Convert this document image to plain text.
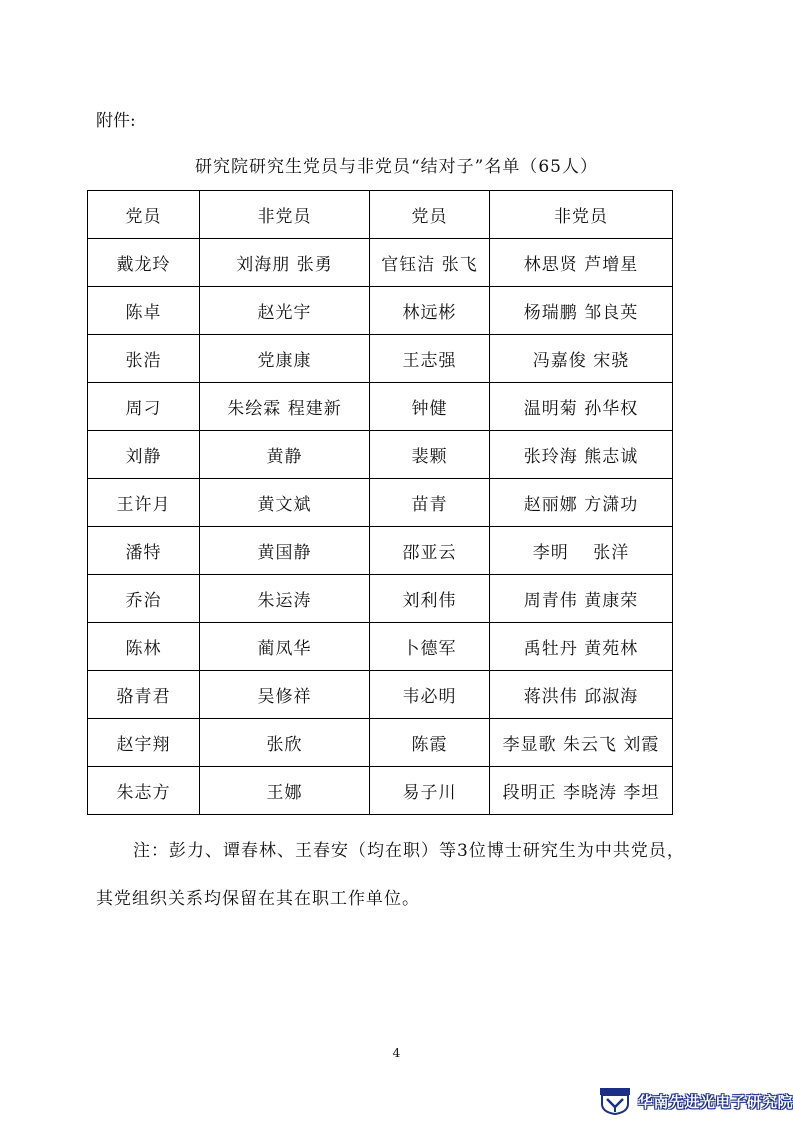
附件:
研究院研究生党员与非党员“结对子”名单（65人）
党员	非党员	党员	非党员
戴龙玲	刘海朋 张勇	官钰洁 张飞	林思贤 芦增星
陈卓	赵光宇	林远彬	杨瑞鹏 邹良英
张浩	党康康	王志强	冯嘉俊 宋骁
周刁	朱绘霖 程建新	钟健	温明菊 孙华权
刘静	黄静	裴颗	张玲海 熊志诚
王许月	黄文斌	苗青	赵丽娜 方潇功
潘特	黄国静	邵亚云	李明　 张洋
乔治	朱运涛	刘利伟	周青伟 黄康荣
陈林	蔺凤华	卜德军	禹牡丹 黄苑林
骆青君	吴修祥	韦必明	蒋洪伟 邱淑海
赵宇翔	张欣	陈霞	李显歌 朱云飞 刘霞
朱志方	王娜	易子川	段明正 李晓涛 李坦
注：彭力、谭春林、王春安（均在职）等3位博士研究生为中共党员，
其党组织关系均保留在其在职工作单位。
4
华南先进光电子研究院
